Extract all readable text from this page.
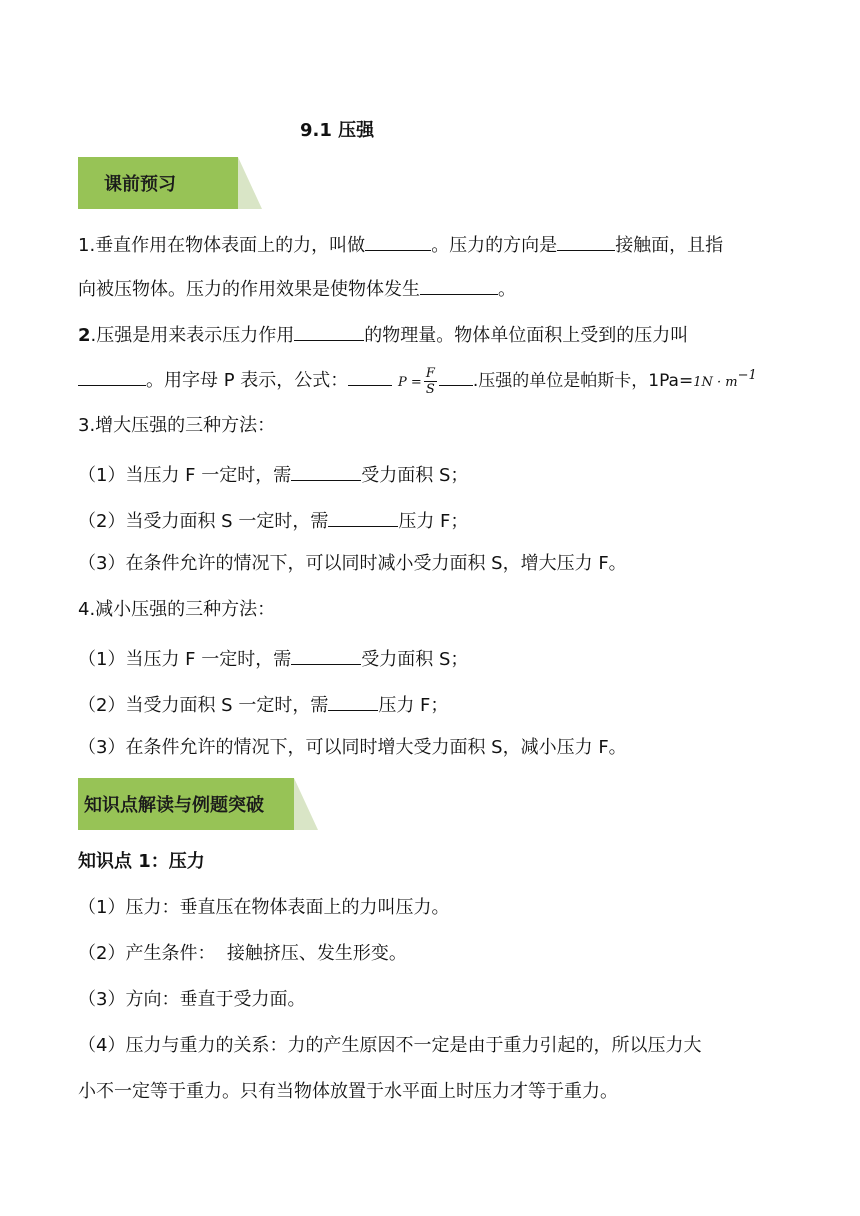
9.1 压强
课前预习
1.垂直作用在物体表面上的力，叫做	。压力的方向是	接触面，且指
向被压物体。压力的作用效果是使物体发生	。
2.压强是用来表示压力作用	的物理量。物体单位面积上受到的压力叫
。用字母 P 表示，公式：	$P = \frac{F}{S}$ .压强的单位是帕斯卡，$1Pa=1N \cdot m^{-1}$
3.增大压强的三种方法：
（1）当压力 F 一定时，需	受力面积 S；
（2）当受力面积 S 一定时，需	压力 F；
（3）在条件允许的情况下，可以同时减小受力面积 S，增大压力 F。
4.减小压强的三种方法：
（1）当压力 F 一定时，需	受力面积 S；
（2）当受力面积 S 一定时，需	压力 F；
（3）在条件允许的情况下，可以同时增大受力面积 S，减小压力 F。
知识点解读与例题突破
知识点 1：压力
（1）压力：垂直压在物体表面上的力叫压力。
（2）产生条件：  接触挤压、发生形变。
（3）方向：垂直于受力面。
（4）压力与重力的关系：力的产生原因不一定是由于重力引起的，所以压力大
小不一定等于重力。只有当物体放置于水平面上时压力才等于重力。
